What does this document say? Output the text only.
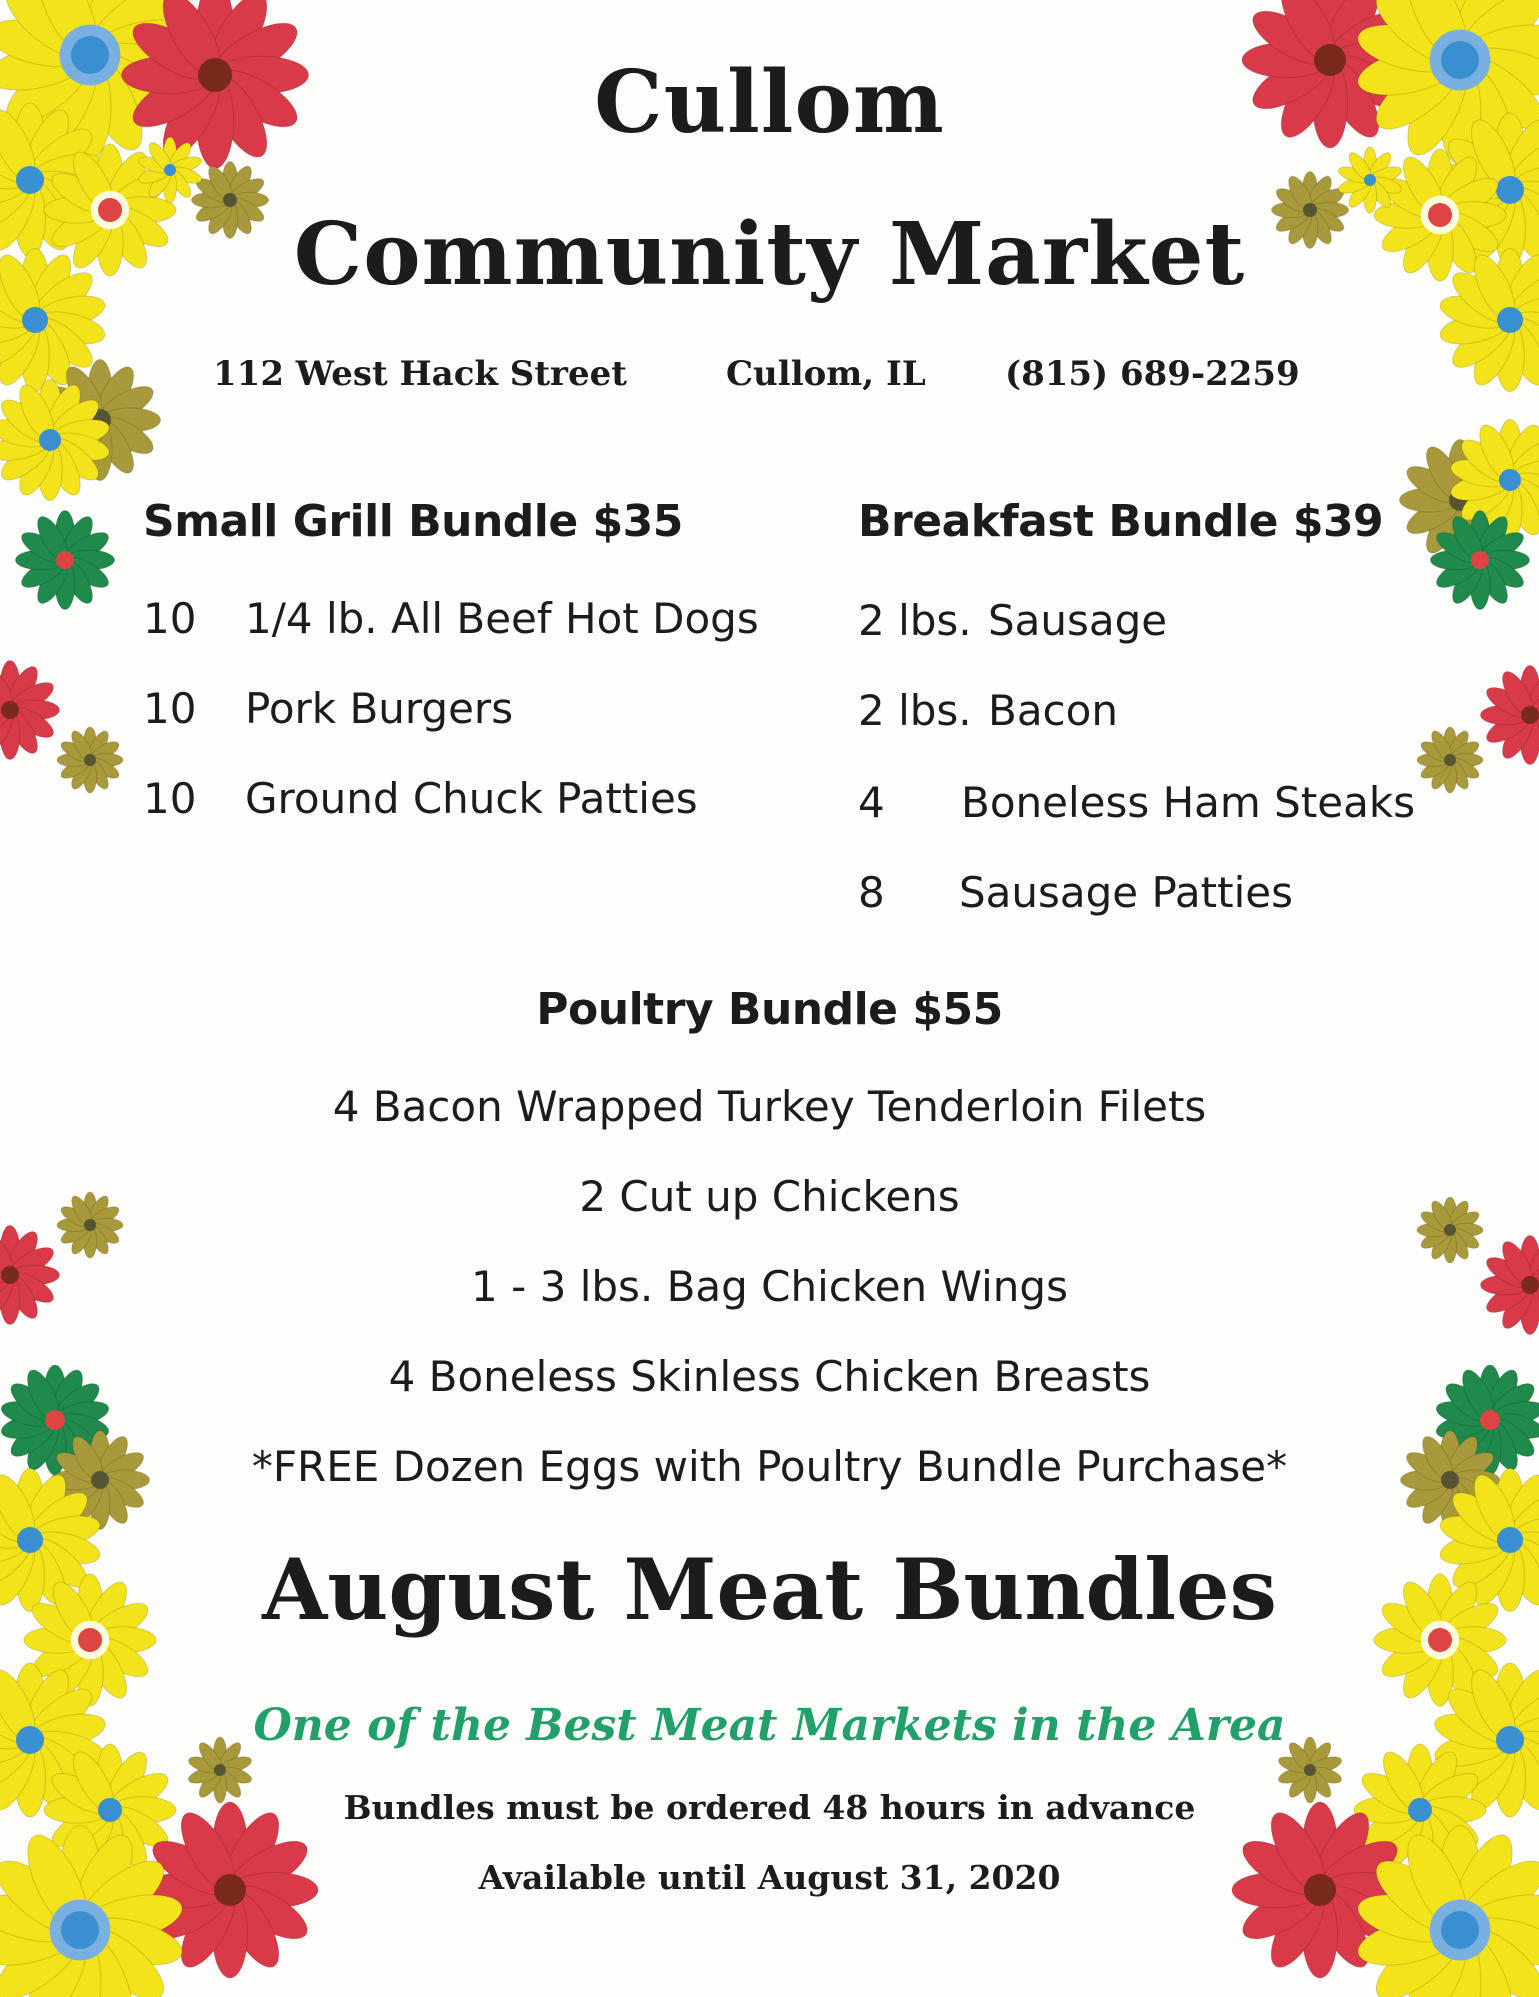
Cullom
Community Market
112 West Hack Street	Cullom, IL (815) 689-2259
Small Grill Bundle $35
10 1/4 lb. All Beef Hot Dogs
10 Pork Burgers
10 Ground Chuck Patties
Breakfast Bundle $39
2 lbs. Sausage
2 lbs. Bacon
4 Boneless Ham Steaks
8 Sausage Patties
Poultry Bundle $55
4 Bacon Wrapped Turkey Tenderloin Filets
2 Cut up Chickens
1 - 3 lbs. Bag Chicken Wings
4 Boneless Skinless Chicken Breasts
*FREE Dozen Eggs with Poultry Bundle Purchase*
August Meat Bundles
One of the Best Meat Markets in the Area
Bundles must be ordered 48 hours in advance
Available until August 31, 2020
